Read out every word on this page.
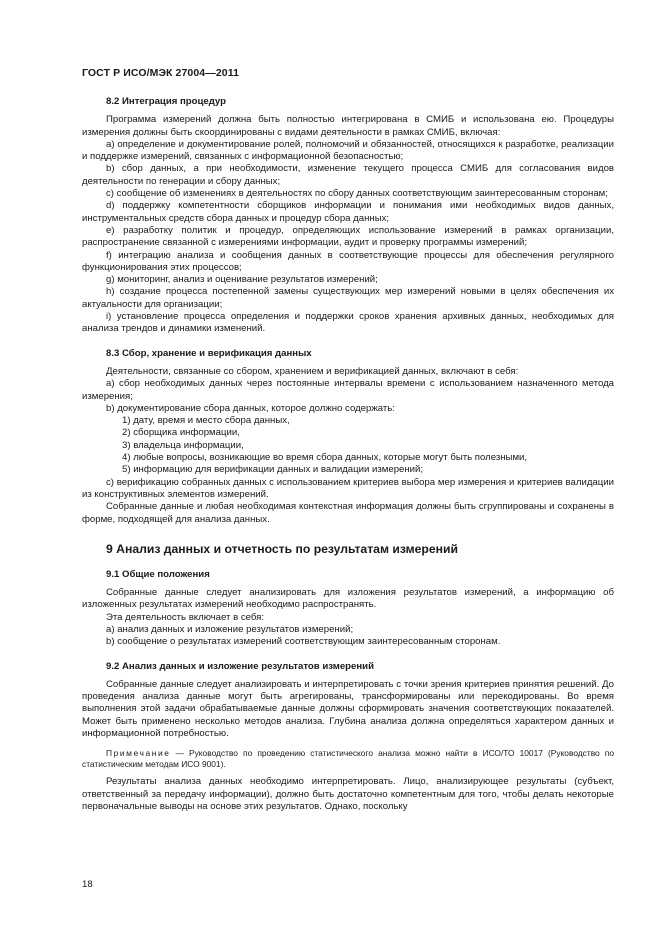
ГОСТ Р ИСО/МЭК 27004—2011
8.2 Интеграция процедур

Программа измерений должна быть полностью интегрирована в СМИБ и использована ею. Процедуры измерения должны быть скоординированы с видами деятельности в рамках СМИБ, включая:

а) определение и документирование ролей, полномочий и обязанностей, относящихся к разработке, реализации и поддержке измерений, связанных с информационной безопасностью;
b) сбор данных, а при необходимости, изменение текущего процесса СМИБ для согласования видов деятельности по генерации и сбору данных;
с) сообщение об изменениях в деятельностях по сбору данных соответствующим заинтересованным сторонам;
d) поддержку компетентности сборщиков информации и понимания ими необходимых видов данных, инструментальных средств сбора данных и процедур сбора данных;
е) разработку политик и процедур, определяющих использование измерений в рамках организации, распространение связанной с измерениями информации, аудит и проверку программы измерений;
f) интеграцию анализа и сообщения данных в соответствующие процессы для обеспечения регулярного функционирования этих процессов;
g) мониторинг, анализ и оценивание результатов измерений;
h) создание процесса постепенной замены существующих мер измерений новыми в целях обеспечения их актуальности для организации;
i) установление процесса определения и поддержки сроков хранения архивных данных, необходимых для анализа трендов и динамики изменений.
8.3 Сбор, хранение и верификация данных

Деятельности, связанные со сбором, хранением и верификацией данных, включают в себя:

а) сбор необходимых данных через постоянные интервалы времени с использованием назначенного метода измерения;
b) документирование сбора данных, которое должно содержать:
1) дату, время и место сбора данных,
2) сборщика информации,
3) владельца информации,
4) любые вопросы, возникающие во время сбора данных, которые могут быть полезными,
5) информацию для верификации данных и валидации измерений;
с) верификацию собранных данных с использованием критериев выбора мер измерения и критериев валидации из конструктивных элементов измерений.

Собранные данные и любая необходимая контекстная информация должны быть сгруппированы и сохранены в форме, подходящей для анализа данных.

9 Анализ данных и отчетность по результатам измерений
9.1 Общие положения

Собранные данные следует анализировать для изложения результатов измерений, а информацию об изложенных результатах измерений необходимо распространять.

Эта деятельность включает в себя:

а) анализ данных и изложение результатов измерений;
b) сообщение о результатах измерений соответствующим заинтересованным сторонам.
9.2 Анализ данных и изложение результатов измерений

Собранные данные следует анализировать и интерпретировать с точки зрения критериев принятия решений. До проведения анализа данные могут быть агрегированы, трансформированы или перекодированы. Во время выполнения этой задачи обрабатываемые данные должны сформировать значения соответствующих показателей. Может быть применено несколько методов анализа. Глубина анализа должна определяться характером данных и информационной потребностью.

Примечание — Руководство по проведению статистического анализа можно найти в ИСО/ТО 10017 (Руководство по статистическим методам ИСО 9001).

Результаты анализа данных необходимо интерпретировать. Лицо, анализирующее результаты (субъект, ответственный за передачу информации), должно быть достаточно компетентным для того, чтобы делать некоторые первоначальные выводы на основе этих результатов. Однако, поскольку

18
